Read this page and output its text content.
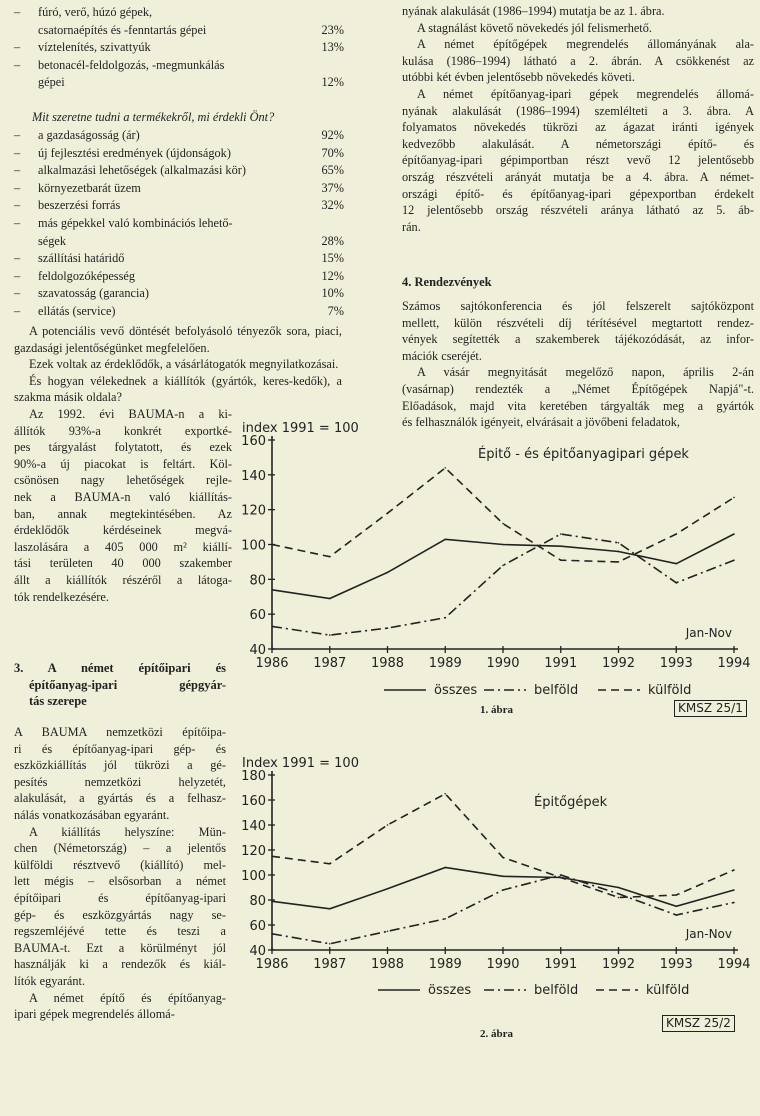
– fúró, verő, húzó gépek,
csatornaépítés és -fenntartás gépei	23%
– víztelenítés, szivattyúk	13%
– betonacél-feldolgozás, -megmunkálás
gépei	12%
Mit szeretne tudni a termékekről, mi érdekli Önt?
– a gazdaságosság (ár)	92%
– új fejlesztési eredmények (újdonságok)	70%
– alkalmazási lehetőségek (alkalmazási kör)	65%
– környezetbarát üzem	37%
– beszerzési forrás	32%
– más gépekkel való kombinációs lehető-
ségek	28%
– szállítási határidő	15%
– feldolgozóképesség	12%
– szavatosság (garancia)	10%
– ellátás (service)	7%

A potenciális vevő döntését befolyásoló tényezők sora, piaci, gazdasági jelentőségünket megfelelően.

Ezek voltak az érdeklődők, a vásárlátogatók megnyilatkozásai.

És hogyan vélekednek a kiállítók (gyártók, keres-kedők), a szakma másik oldala?

Az 1992. évi BAUMA-n a ki-
állítók 93%-a konkrét exportké-
pes tárgyalást folytatott, és ezek
90%-a új piacokat is feltárt. Köl-
csönösen nagy lehetőségek rejle-
nek a BAUMA-n való kiállítás-
ban, annak megtekintésében. Az
érdeklődők kérdéseinek megvá-
laszolására a 405 000 m² kiállí-
tási területen 40 000 szakember
állt a kiállítók részéről a látoga-
tók rendelkezésére.
3. A német építőipari és
építőanyag-ipari gépgyár-
tás szerepe
A BAUMA nemzetközi építőipa-
ri és építőanyag-ipari gép- és
eszközkiállítás jól tükrözi a gé-
pesítés nemzetközi helyzetét,
alakulását, a gyártás és a felhasz-
nálás vonatkozásában egyaránt.
A kiállítás helyszíne: Mün-
chen (Németország) – a jelentős
külföldi résztvevő (kiállító) mel-
lett mégis – elsősorban a német
építőipari és építőanyag-ipari
gép- és eszközgyártás nagy se-
regszemléjévé tette és teszi a
BAUMA-t. Ezt a körülményt jól
használják ki a rendezők és kiál-
lítók egyaránt.
A német építő és építőanyag-
ipari gépek megrendelés állomá-
nyának alakulását (1986–1994) mutatja be az 1. ábra.
A stagnálást követő növekedés jól felismerhető.
A német építőgépek megrendelés állományának ala-
kulása (1986–1994) látható a 2. ábrán. A csökkenést az
utóbbi két évben jelentősebb növekedés követi.
A német építőanyag-ipari gépek megrendelés állomá-
nyának alakulását (1986–1994) szemlélteti a 3. ábra. A
folyamatos növekedés tükrözi az ágazat iránti igények
kedvezőbb alakulását. A németországi építő- és
építőanyag-ipari gépimportban részt vevő 12 jelentősebb
ország részvételi arányát mutatja be a 4. ábra. A német-
országi építő- és építőanyag-ipari gépexportban érdekelt
12 jelentősebb ország részvételi aránya látható az 5. áb-
rán.
4. Rendezvények
Számos sajtókonferencia és jól felszerelt sajtóközpont
mellett, külön részvételi díj térítésével megtartott rendez-
vények segítették a szakemberek tájékozódását, az infor-
mációk cseréjét.
A vásár megnyitását megelőző napon, április 2-án
(vasárnap) rendezték a „Német Építőgépek Napjá"-t.
Előadások, majd vita keretében tárgyalták meg a gyártók
és felhasználók igényeit, elvárásait a jövőbeni feladatok,
index 1991 = 100
Épitő - és épitőanyagipari gépek
40
60
80
100
120
140
160
1986 1987 1988 1989 1990 1991 1992 1993 1994
Jan-Nov
összes	belföld	külföld
1. ábra	KMSZ 25/1
Index 1991 = 100
Épitőgépek
40
60
80
100
120
140
160
180
1986 1987 1988 1989 1990 1991 1992 1993 1994
Jan-Nov
összes	belföld	külföld
KMSZ 25/2
2. ábra
